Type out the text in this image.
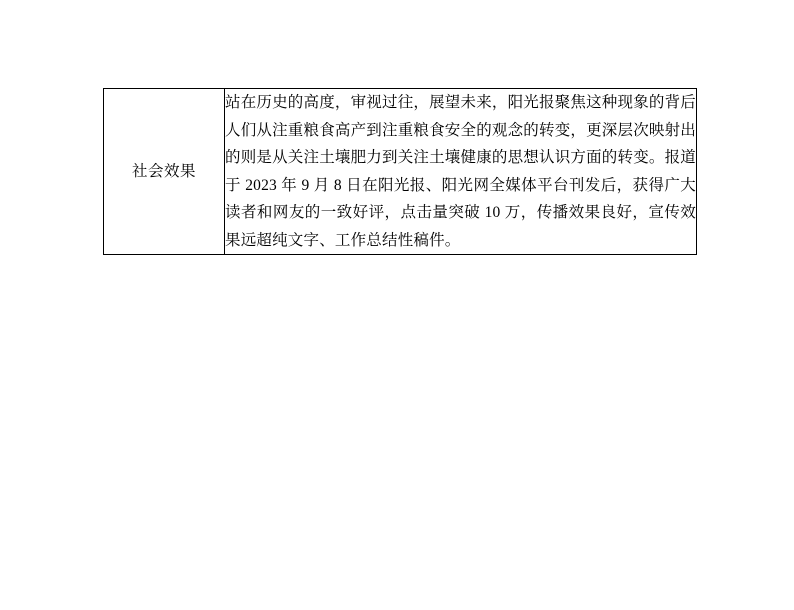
社会效果	

站在历史的高度，审视过往，展望未来，阳光报聚焦这种现象的背后人们从注重粮食高产到注重粮食安全的观念的转变，更深层次映射出的则是从关注土壤肥力到关注土壤健康的思想认识方面的转变。报道于 2023 年 9 月 8 日在阳光报、阳光网全媒体平台刊发后，获得广大读者和网友的一致好评，点击量突破 10 万，传播效果良好，宣传效果远超纯文字、工作总结性稿件。
